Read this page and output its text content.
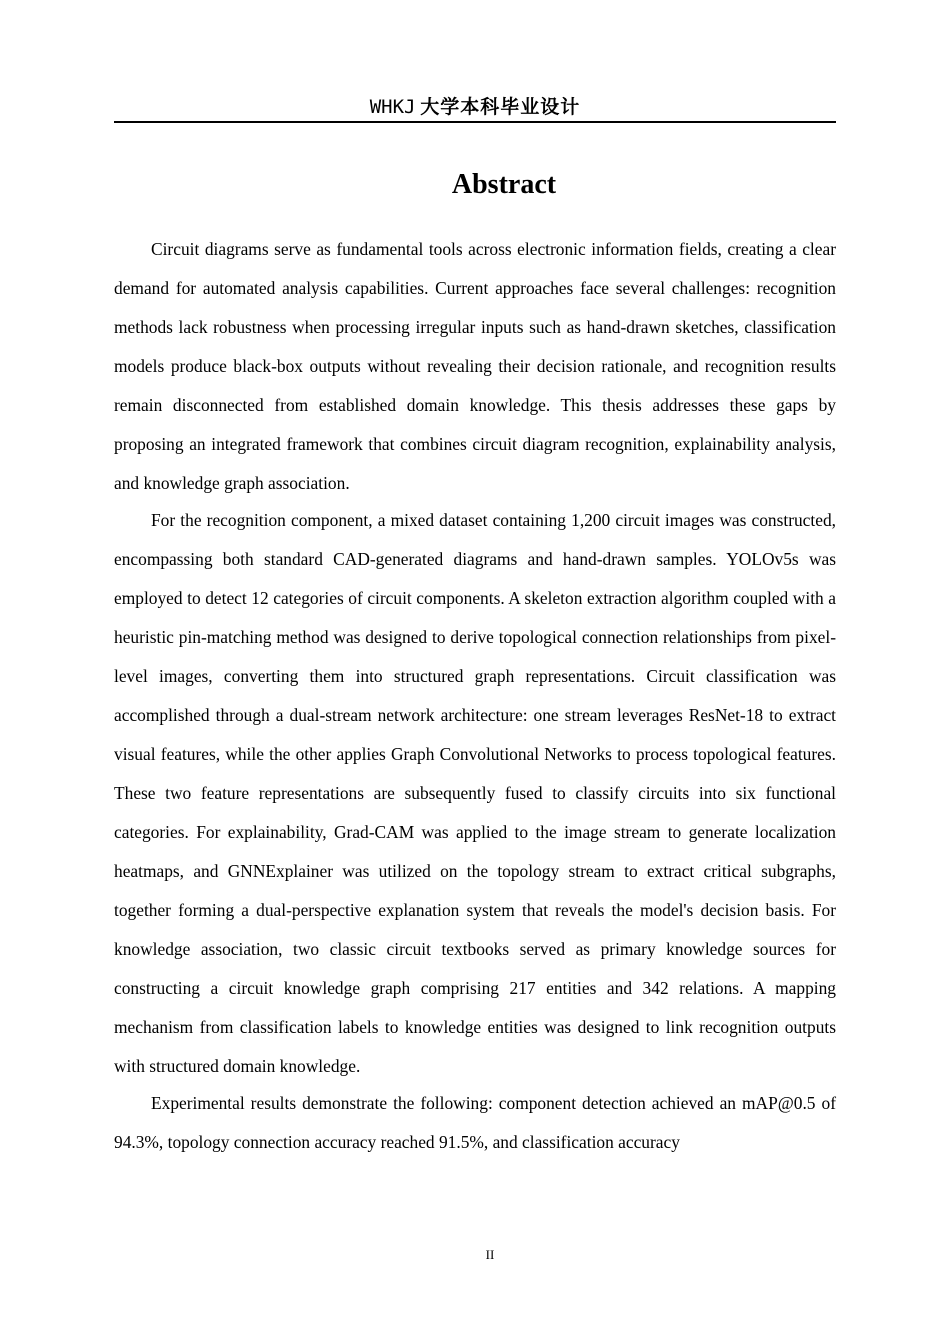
WHKJ 大学本科毕业设计
Abstract

Circuit diagrams serve as fundamental tools across electronic information fields, creating a clear demand for automated analysis capabilities. Current approaches face several challenges: recognition methods lack robustness when processing irregular inputs such as hand-drawn sketches, classification models produce black-box outputs without revealing their decision rationale, and recognition results remain disconnected from established domain knowledge. This thesis addresses these gaps by proposing an integrated framework that combines circuit diagram recognition, explainability analysis, and knowledge graph association.

For the recognition component, a mixed dataset containing 1,200 circuit images was constructed, encompassing both standard CAD-generated diagrams and hand-drawn samples. YOLOv5s was employed to detect 12 categories of circuit components. A skeleton extraction algorithm coupled with a heuristic pin-matching method was designed to derive topological connection relationships from pixel-level images, converting them into structured graph representations. Circuit classification was accomplished through a dual-stream network architecture: one stream leverages ResNet-18 to extract visual features, while the other applies Graph Convolutional Networks to process topological features. These two feature representations are subsequently fused to classify circuits into six functional categories. For explainability, Grad-CAM was applied to the image stream to generate localization heatmaps, and GNNExplainer was utilized on the topology stream to extract critical subgraphs, together forming a dual-perspective explanation system that reveals the model's decision basis. For knowledge association, two classic circuit textbooks served as primary knowledge sources for constructing a circuit knowledge graph comprising 217 entities and 342 relations. A mapping mechanism from classification labels to knowledge entities was designed to link recognition outputs with structured domain knowledge.

Experimental results demonstrate the following: component detection achieved an mAP@0.5 of 94.3%, topology connection accuracy reached 91.5%, and classification accuracy

II
